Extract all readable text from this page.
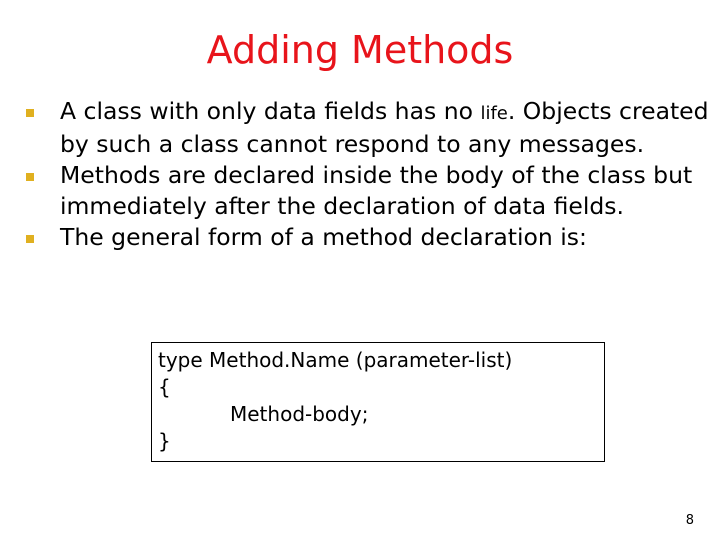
Adding Methods
A class with only data fields has no life. Objects created by such a class cannot respond to any messages.
Methods are declared inside the body of the class but immediately after the declaration of data fields.
The general form of a method declaration is:
type Method.Name (parameter-list)
{
Method-body;
}
8
